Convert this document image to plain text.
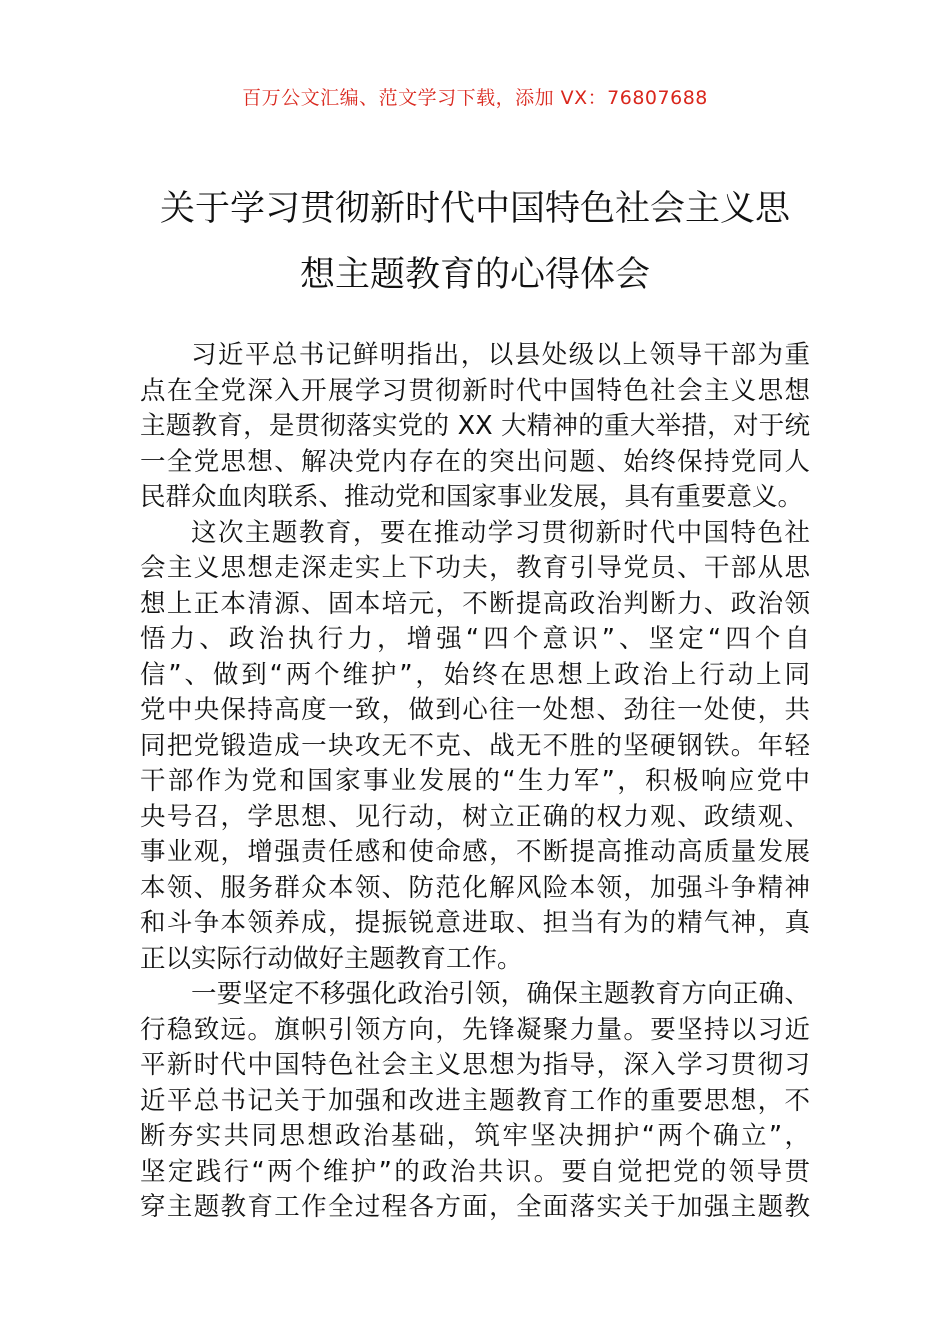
百万公文汇编、范文学习下载，添加 VX：76807688
关于学习贯彻新时代中国特色社会主义思
想主题教育的心得体会
习近平总书记鲜明指出，以县处级以上领导干部为重
点在全党深入开展学习贯彻新时代中国特色社会主义思想
主题教育，是贯彻落实党的 XX 大精神的重大举措，对于统
一全党思想、解决党内存在的突出问题、始终保持党同人
民群众血肉联系、推动党和国家事业发展，具有重要意义。
这次主题教育，要在推动学习贯彻新时代中国特色社
会主义思想走深走实上下功夫，教育引导党员、干部从思
想上正本清源、固本培元，不断提高政治判断力、政治领
悟力、政治执行力，增强“四个意识”、坚定“四个自
信”、做到“两个维护”，始终在思想上政治上行动上同
党中央保持高度一致，做到心往一处想、劲往一处使，共
同把党锻造成一块攻无不克、战无不胜的坚硬钢铁。年轻
干部作为党和国家事业发展的“生力军”，积极响应党中
央号召，学思想、见行动，树立正确的权力观、政绩观、
事业观，增强责任感和使命感，不断提高推动高质量发展
本领、服务群众本领、防范化解风险本领，加强斗争精神
和斗争本领养成，提振锐意进取、担当有为的精气神，真
正以实际行动做好主题教育工作。
一要坚定不移强化政治引领，确保主题教育方向正确、
行稳致远。旗帜引领方向，先锋凝聚力量。要坚持以习近
平新时代中国特色社会主义思想为指导，深入学习贯彻习
近平总书记关于加强和改进主题教育工作的重要思想，不
断夯实共同思想政治基础，筑牢坚决拥护“两个确立”，
坚定践行“两个维护”的政治共识。要自觉把党的领导贯
穿主题教育工作全过程各方面，全面落实关于加强主题教
